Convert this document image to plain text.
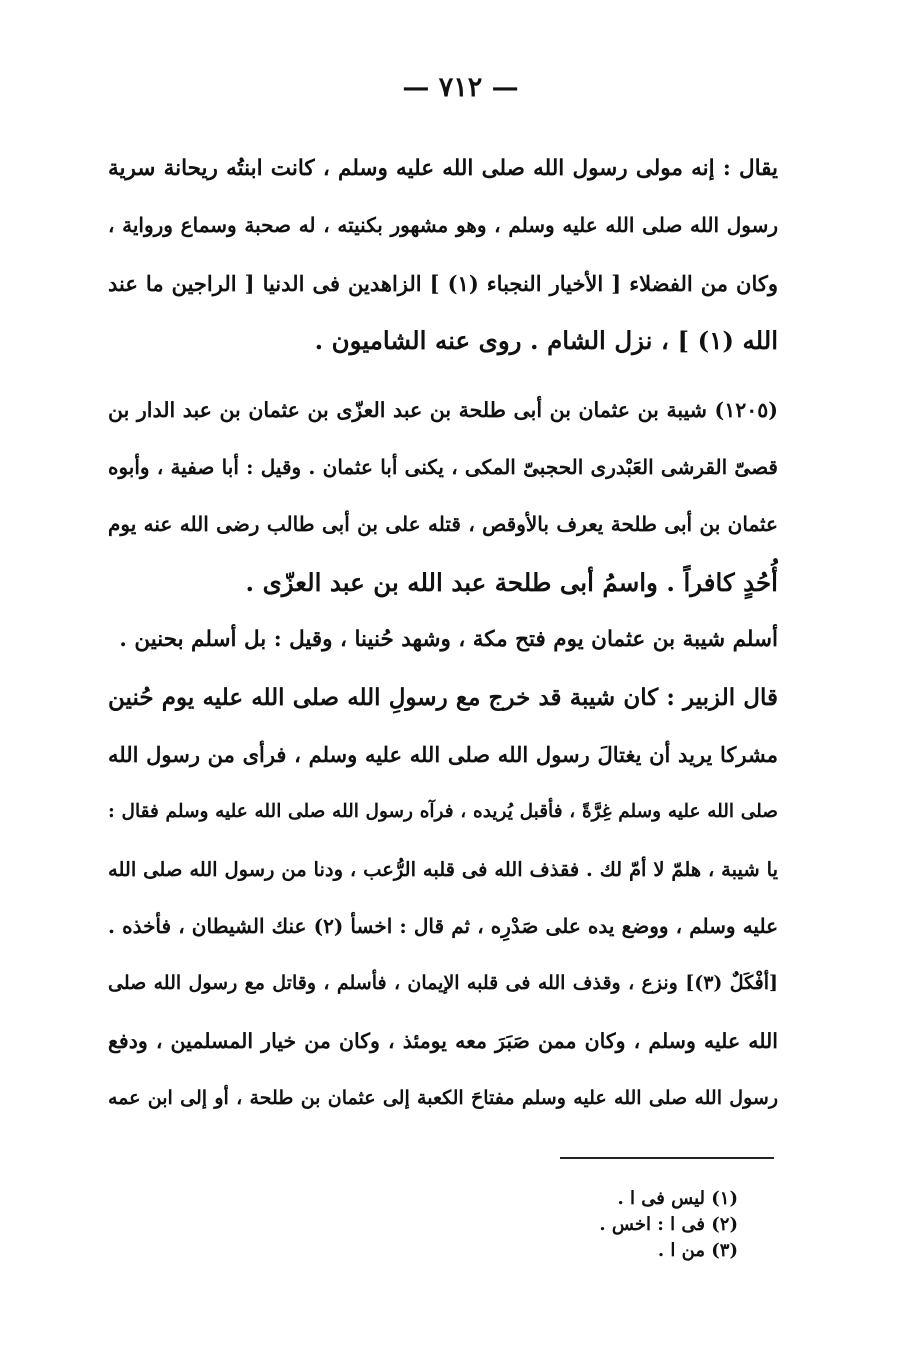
— ٧١٢ —
يقال : إنه مولى رسول الله صلى الله عليه وسلم ، كانت ابنتُه ريحانة سرية
رسول الله صلى الله عليه وسلم ، وهو مشهور بكنيته ، له صحبة وسماع ورواية ،
وكان من الفضلاء [ الأخيار النجباء (١) ] الزاهدين فى الدنيا [ الراجين ما عند
الله (١) ] ، نزل الشام . روى عنه الشاميون .
(١٢٠٥) شيبة بن عثمان بن أبى طلحة بن عبد العزّى بن عثمان بن عبد الدار بن
قصىّ القرشى العَبْدرى الحجبىّ المكى ، يكنى أبا عثمان . وقيل : أبا صفية ، وأبوه
عثمان بن أبى طلحة يعرف بالأوقص ، قتله على بن أبى طالب رضى الله عنه يوم
أُحُدٍ كافراً . واسمُ أبى طلحة عبد الله بن عبد العزّى .
أسلم شيبة بن عثمان يوم فتح مكة ، وشهد حُنينا ، وقيل : بل أسلم بحنين .
قال الزبير : كان شيبة قد خرج مع رسولِ الله صلى الله عليه يوم حُنين
مشركا يريد أن يغتالَ رسول الله صلى الله عليه وسلم ، فرأى من رسول الله
صلى الله عليه وسلم غِرَّةً ، فأقبل يُريده ، فرآه رسول الله صلى الله عليه وسلم فقال :
يا شيبة ، هلمّ لا أمّ لك . فقذف الله فى قلبه الرُّعب ، ودنا من رسول الله صلى الله
عليه وسلم ، ووضع يده على صَدْرِه ، ثم قال : اخسأ (٢) عنك الشيطان ، فأخذه .
[أفْكَلٌ (٣)] ونزع ، وقذف الله فى قلبه الإيمان ، فأسلم ، وقاتل مع رسول الله صلى
الله عليه وسلم ، وكان ممن صَبَرَ معه يومئذ ، وكان من خيار المسلمين ، ودفع
رسول الله صلى الله عليه وسلم مفتاحَ الكعبة إلى عثمان بن طلحة ، أو إلى ابن عمه
(١) ليس فى ا .
(٢) فى ا : اخس .
(٣) من ا .
